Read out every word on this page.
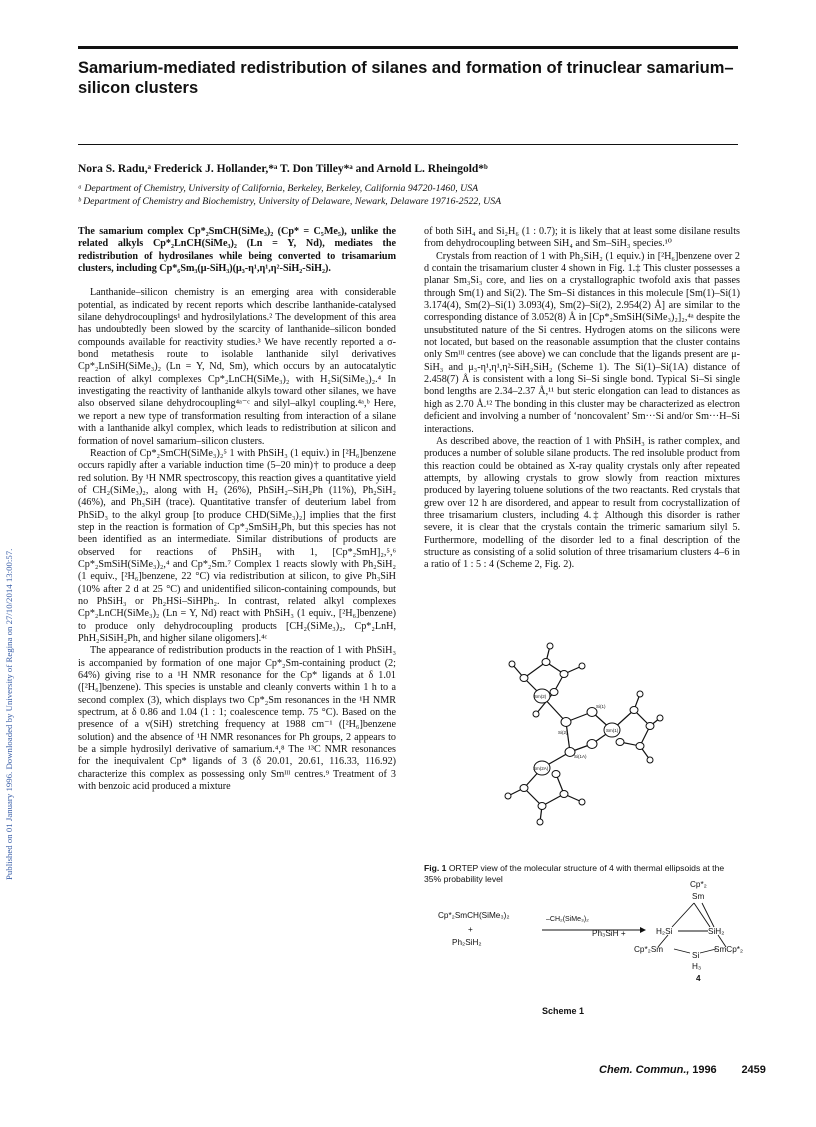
Published on 01 January 1996. Downloaded by University of Regina on 27/10/2014 13:00:57.
Samarium-mediated redistribution of silanes and formation of trinuclear samarium–silicon clusters
Nora S. Radu,ᵃ Frederick J. Hollander,*ᵃ T. Don Tilley*ᵃ and Arnold L. Rheingold*ᵇ
ᵃ Department of Chemistry, University of California, Berkeley, Berkeley, California 94720-1460, USA
ᵇ Department of Chemistry and Biochemistry, University of Delaware, Newark, Delaware 19716-2522, USA

The samarium complex Cp*₂SmCH(SiMe₃)₂ (Cp* = C₅Me₅), unlike the related alkyls Cp*₂LnCH(SiMe₃)₂ (Ln = Y, Nd), mediates the redistribution of hydrosilanes while being converted to trisamarium clusters, including Cp*₆Sm₃(μ-SiH₃)(μ₃-η¹,η¹,η²-SiH₂-SiH₂).

Lanthanide–silicon chemistry is an emerging area with considerable potential, as indicated by recent reports which describe lanthanide-catalysed silane dehydrocouplings¹ and hydrosilylations.² The development of this area has undoubtedly been slowed by the scarcity of lanthanide–silicon bonded compounds available for reactivity studies.³ We have recently reported a σ-bond metathesis route to isolable lanthanide silyl derivatives Cp*₂LnSiH(SiMe₃)₂ (Ln = Y, Nd, Sm), which occurs by an autocatalytic reaction of alkyl complexes Cp*₂LnCH(SiMe₃)₂ with H₂Si(SiMe₃)₂.⁴ In investigating the reactivity of lanthanide alkyls toward other silanes, we have also observed silane dehydrocoupling⁴ᵃ⁻ᶜ and silyl–alkyl coupling.⁴ᵃ,ᵇ Here, we report a new type of transformation resulting from interaction of a silane with a lanthanide alkyl complex, which leads to redistribution at silicon and formation of novel samarium–silicon clusters.

Reaction of Cp*₂SmCH(SiMe₃)₂⁵ 1 with PhSiH₃ (1 equiv.) in [²H₆]benzene occurs rapidly after a variable induction time (5–20 min)† to produce a deep red solution. By ¹H NMR spectroscopy, this reaction gives a quantitative yield of CH₂(SiMe₃)₂, along with H₂ (26%), PhSiH₂–SiH₂Ph (11%), Ph₂SiH₂ (46%), and Ph₃SiH (trace). Quantitative transfer of deuterium label from PhSiD₃ to the alkyl group [to produce CHD(SiMe₃)₂] implies that the first step in the reaction is formation of Cp*₂SmSiH₂Ph, but this species has not been identified as an intermediate. Similar distributions of products are observed for reactions of PhSiH₃ with 1, [Cp*₂SmH]₂,⁵,⁶ Cp*₂SmSiH(SiMe₃)₂,⁴ and Cp*₂Sm.⁷ Complex 1 reacts slowly with Ph₂SiH₂ (1 equiv., [²H₆]benzene, 22 °C) via redistribution at silicon, to give Ph₃SiH (10% after 2 d at 25 °C) and unidentified silicon-containing compounds, but no PhSiH₃ or Ph₂HSi–SiHPh₂. In contrast, related alkyl complexes Cp*₂LnCH(SiMe₃)₂ (Ln = Y, Nd) react with PhSiH₃ (1 equiv., [²H₆]benzene) to produce only dehydrocoupling products [CH₂(SiMe₃)₂, Cp*₂LnH, PhH₂SiSiH₂Ph, and higher silane oligomers].⁴ᶜ

The appearance of redistribution products in the reaction of 1 with PhSiH₃ is accompanied by formation of one major Cp*₂Sm-containing product (2; 64%) giving rise to a ¹H NMR resonance for the Cp* ligands at δ 1.01 ([²H₆]benzene). This species is unstable and cleanly converts within 1 h to a second complex (3), which displays two Cp*₂Sm resonances in the ¹H NMR spectrum, at δ 0.86 and 1.04 (1 : 1; coalescence temp. 75 °C). Based on the presence of a ν(SiH) stretching frequency at 1988 cm⁻¹ ([²H₆]benzene solution) and the absence of ¹H NMR resonances for Ph groups, 2 appears to be a simple hydrosilyl derivative of samarium.⁴,⁸ The ¹³C NMR resonances for the inequivalent Cp* ligands of 3 (δ 20.01, 20.61, 116.33, 116.92) characterize this complex as possessing only Smᴵᴵᴵ centres.⁹ Treatment of 3 with benzoic acid produced a mixture

of both SiH₄ and Si₂H₆ (1 : 0.7); it is likely that at least some disilane results from dehydrocoupling between SiH₄ and Sm–SiH₃ species.¹⁰

Crystals from reaction of 1 with Ph₂SiH₂ (1 equiv.) in [²H₆]benzene over 2 d contain the trisamarium cluster 4 shown in Fig. 1.‡ This cluster possesses a planar Sm₃Si₃ core, and lies on a crystallographic twofold axis that passes through Sm(1) and Si(2). The Sm–Si distances in this molecule [Sm(1)–Si(1) 3.174(4), Sm(2)–Si(1) 3.093(4), Sm(2)–Si(2), 2.954(2) Å] are similar to the corresponding distance of 3.052(8) Å in [Cp*₂SmSiH(SiMe₃)₂]₂,⁴ᵃ despite the unsubstituted nature of the Si centres. Hydrogen atoms on the silicons were not located, but based on the reasonable assumption that the cluster contains only Smᴵᴵᴵ centres (see above) we can conclude that the ligands present are μ-SiH₃ and μ₃-η¹,η¹,η²-SiH₂SiH₂ (Scheme 1). The Si(1)–Si(1A) distance of 2.458(7) Å is consistent with a long Si–Si single bond. Typical Si–Si single bond lengths are 2.34–2.37 Å,¹¹ but steric elongation can lead to distances as high as 2.70 Å.¹² The bonding in this cluster may be characterized as electron deficient and involving a number of ‘noncovalent’ Sm···Si and/or Sm···H–Si interactions.

As described above, the reaction of 1 with PhSiH₃ is rather complex, and produces a number of soluble silane products. The red insoluble product from this reaction could be obtained as X-ray quality crystals only after repeated attempts, by allowing crystals to grow slowly from reaction mixtures produced by layering toluene solutions of the two reactants. Red crystals that grew over 12 h are disordered, and appear to result from cocrystallization of three trisamarium clusters, including 4.‡ Although this disorder is rather severe, it is clear that the crystals contain the trimeric samarium silyl 5. Furthermore, modelling of the disorder led to a final description of the structure as consisting of a solid solution of three trisamarium clusters 4–6 in a ratio of 1 : 5 : 4 (Scheme 2, Fig. 2).

Sm(2)
Si(1)
Si(2)	Sm(1)
Si(1A)
Sm(2A)
Fig. 1 ORTEP view of the molecular structure of 4 with thermal ellipsoids at the 35% probability level
Cp*₂SmCH(SiMe₃)₂
+
Ph₂SiH₂
–CH₂(SiMe₃)₂
Ph₃SiH +
Cp*₂
Sm
H₂Si	SiH₂
Cp*₂Sm
Si
SmCp*₂
H₃
4
Scheme 1
Chem. Commun., 1996 2459
